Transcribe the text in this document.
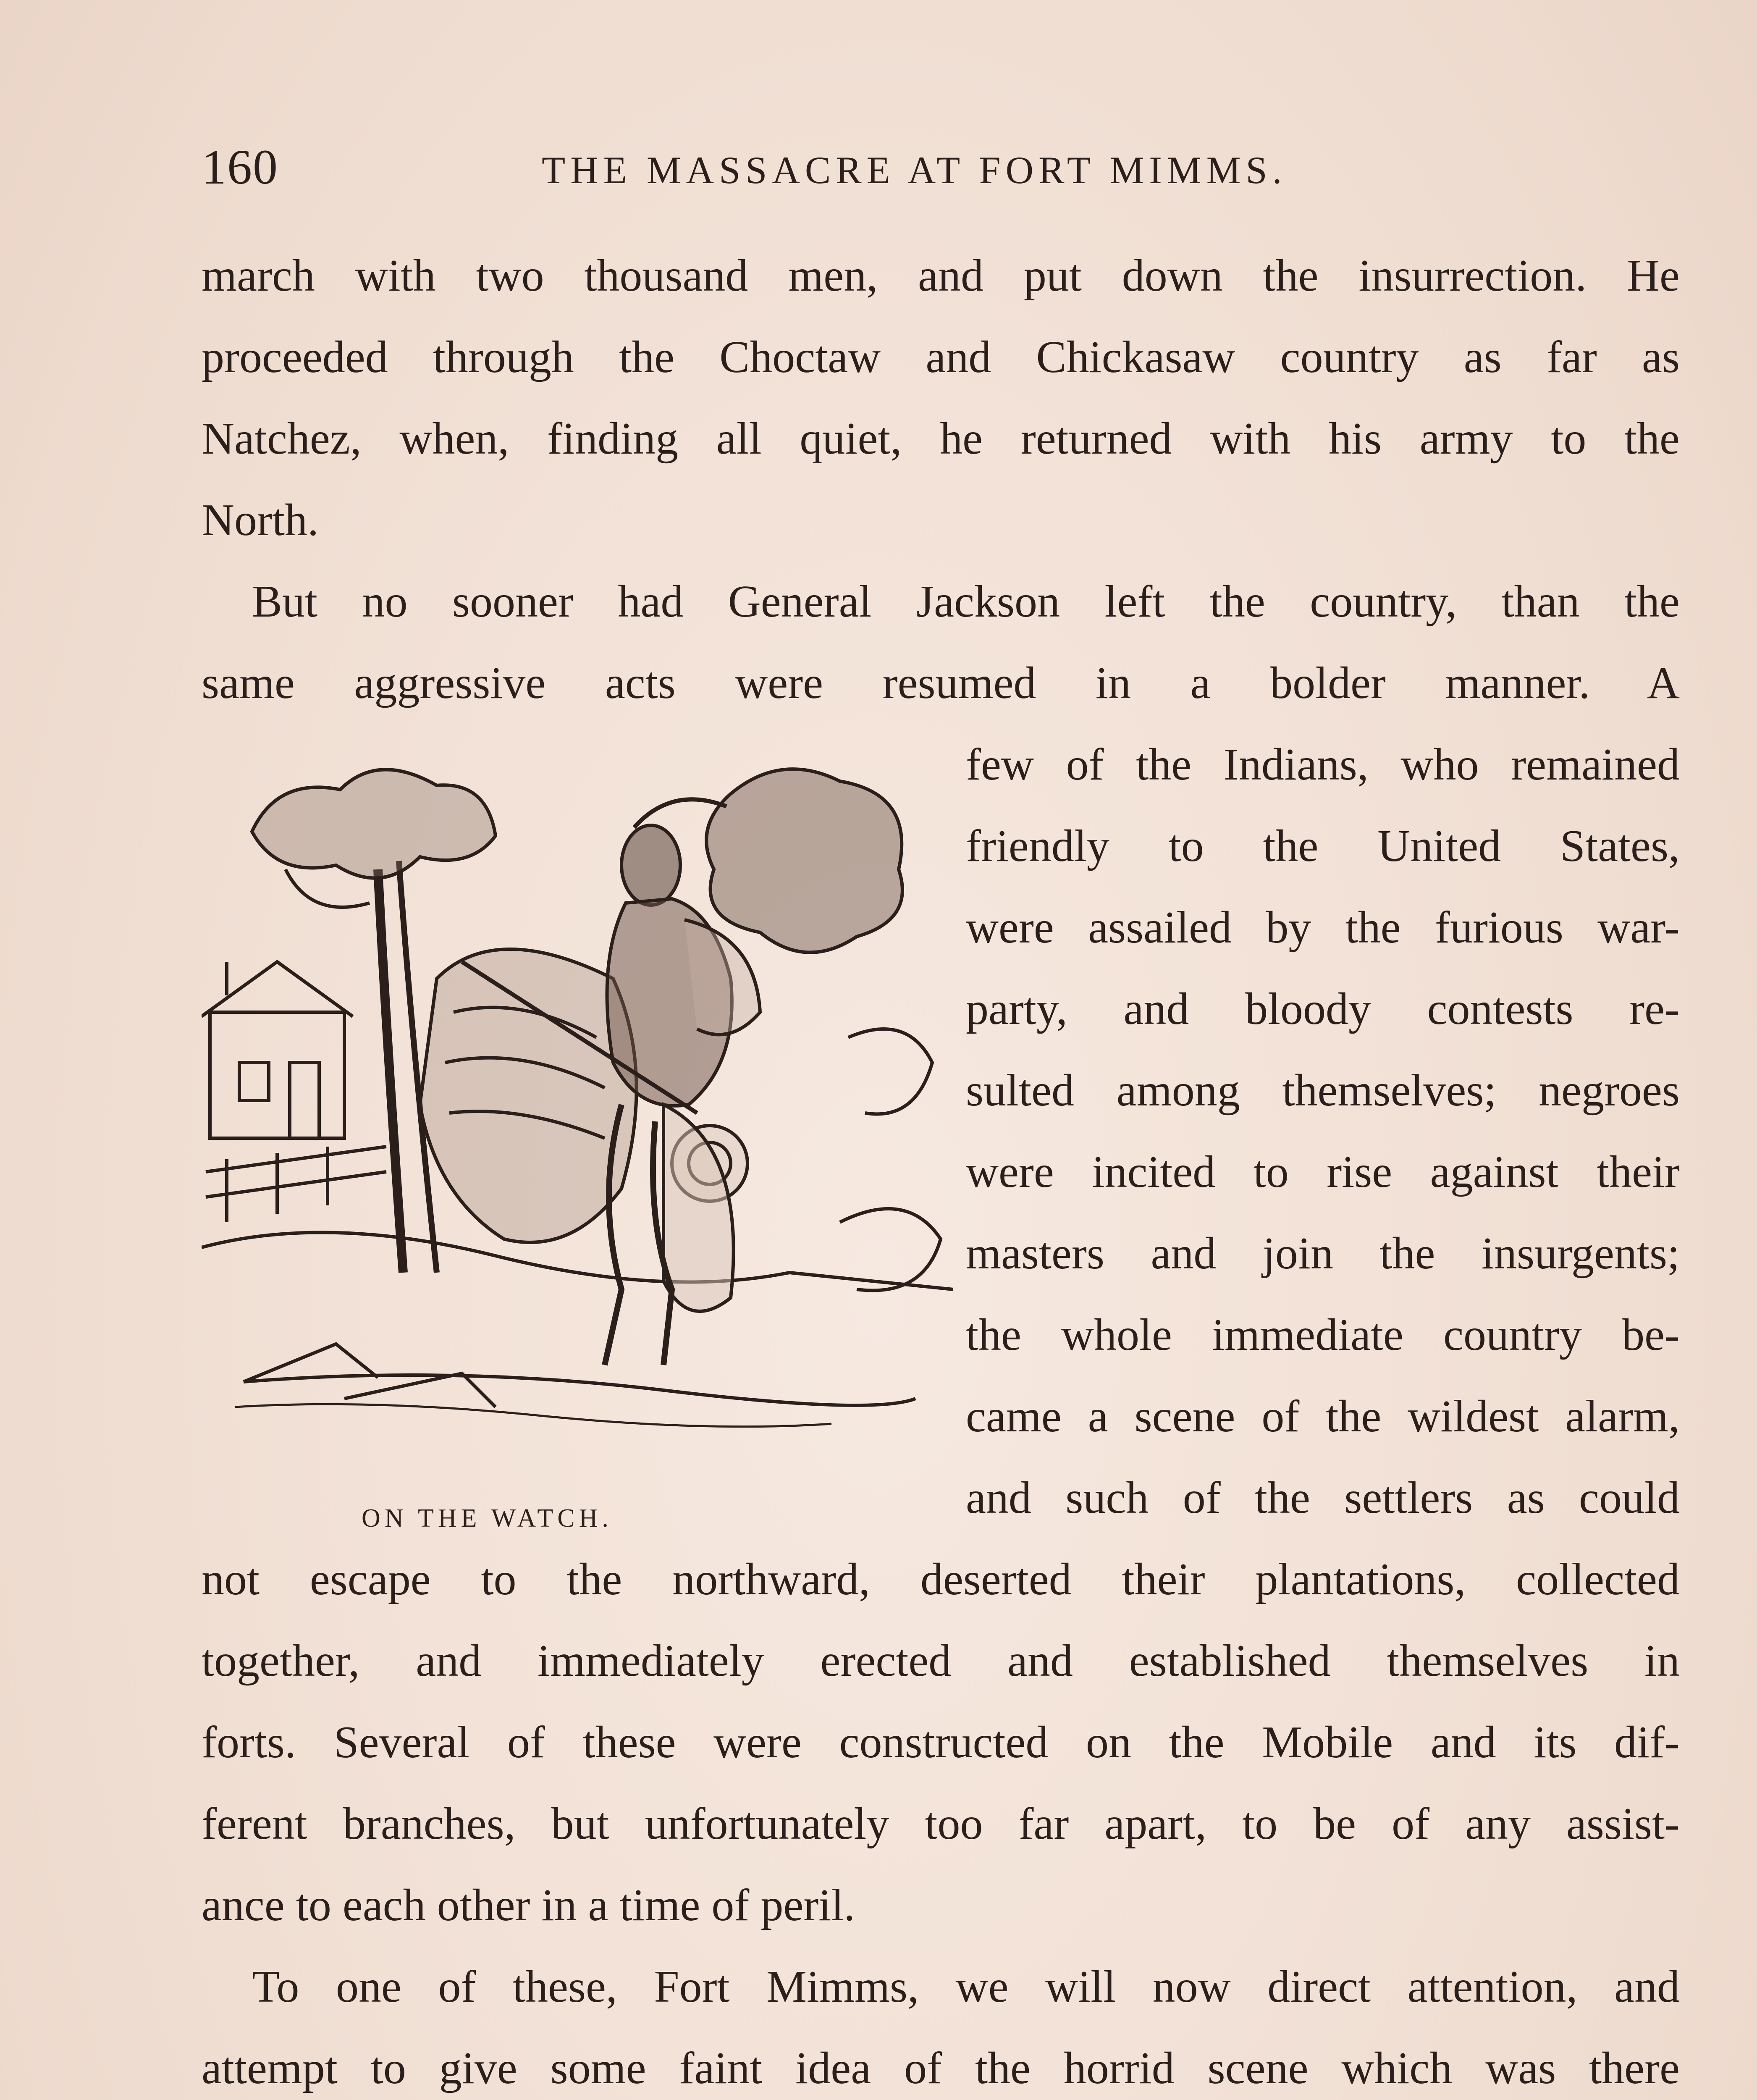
160	THE MASSACRE AT FORT MIMMS.
march with two thousand men, and put down the insurrection. He
proceeded through the Choctaw and Chickasaw country as far as
Natchez, when, finding all quiet, he returned with his army to the
North.
But no sooner had General Jackson left the country, than the
same aggressive acts were resumed in a bolder manner. A
few of the Indians, who remained
friendly to the United States,
were assailed by the furious war-
party, and bloody contests re-
sulted among themselves; negroes
were incited to rise against their
masters and join the insurgents;
the whole immediate country be-
came a scene of the wildest alarm,
and such of the settlers as could
not escape to the northward, deserted their plantations, collected
together, and immediately erected and established themselves in
forts. Several of these were constructed on the Mobile and its dif-
ferent branches, but unfortunately too far apart, to be of any assist-
ance to each other in a time of peril.
To one of these, Fort Mimms, we will now direct attention, and
attempt to give some faint idea of the horrid scene which was there
ON THE WATCH.
